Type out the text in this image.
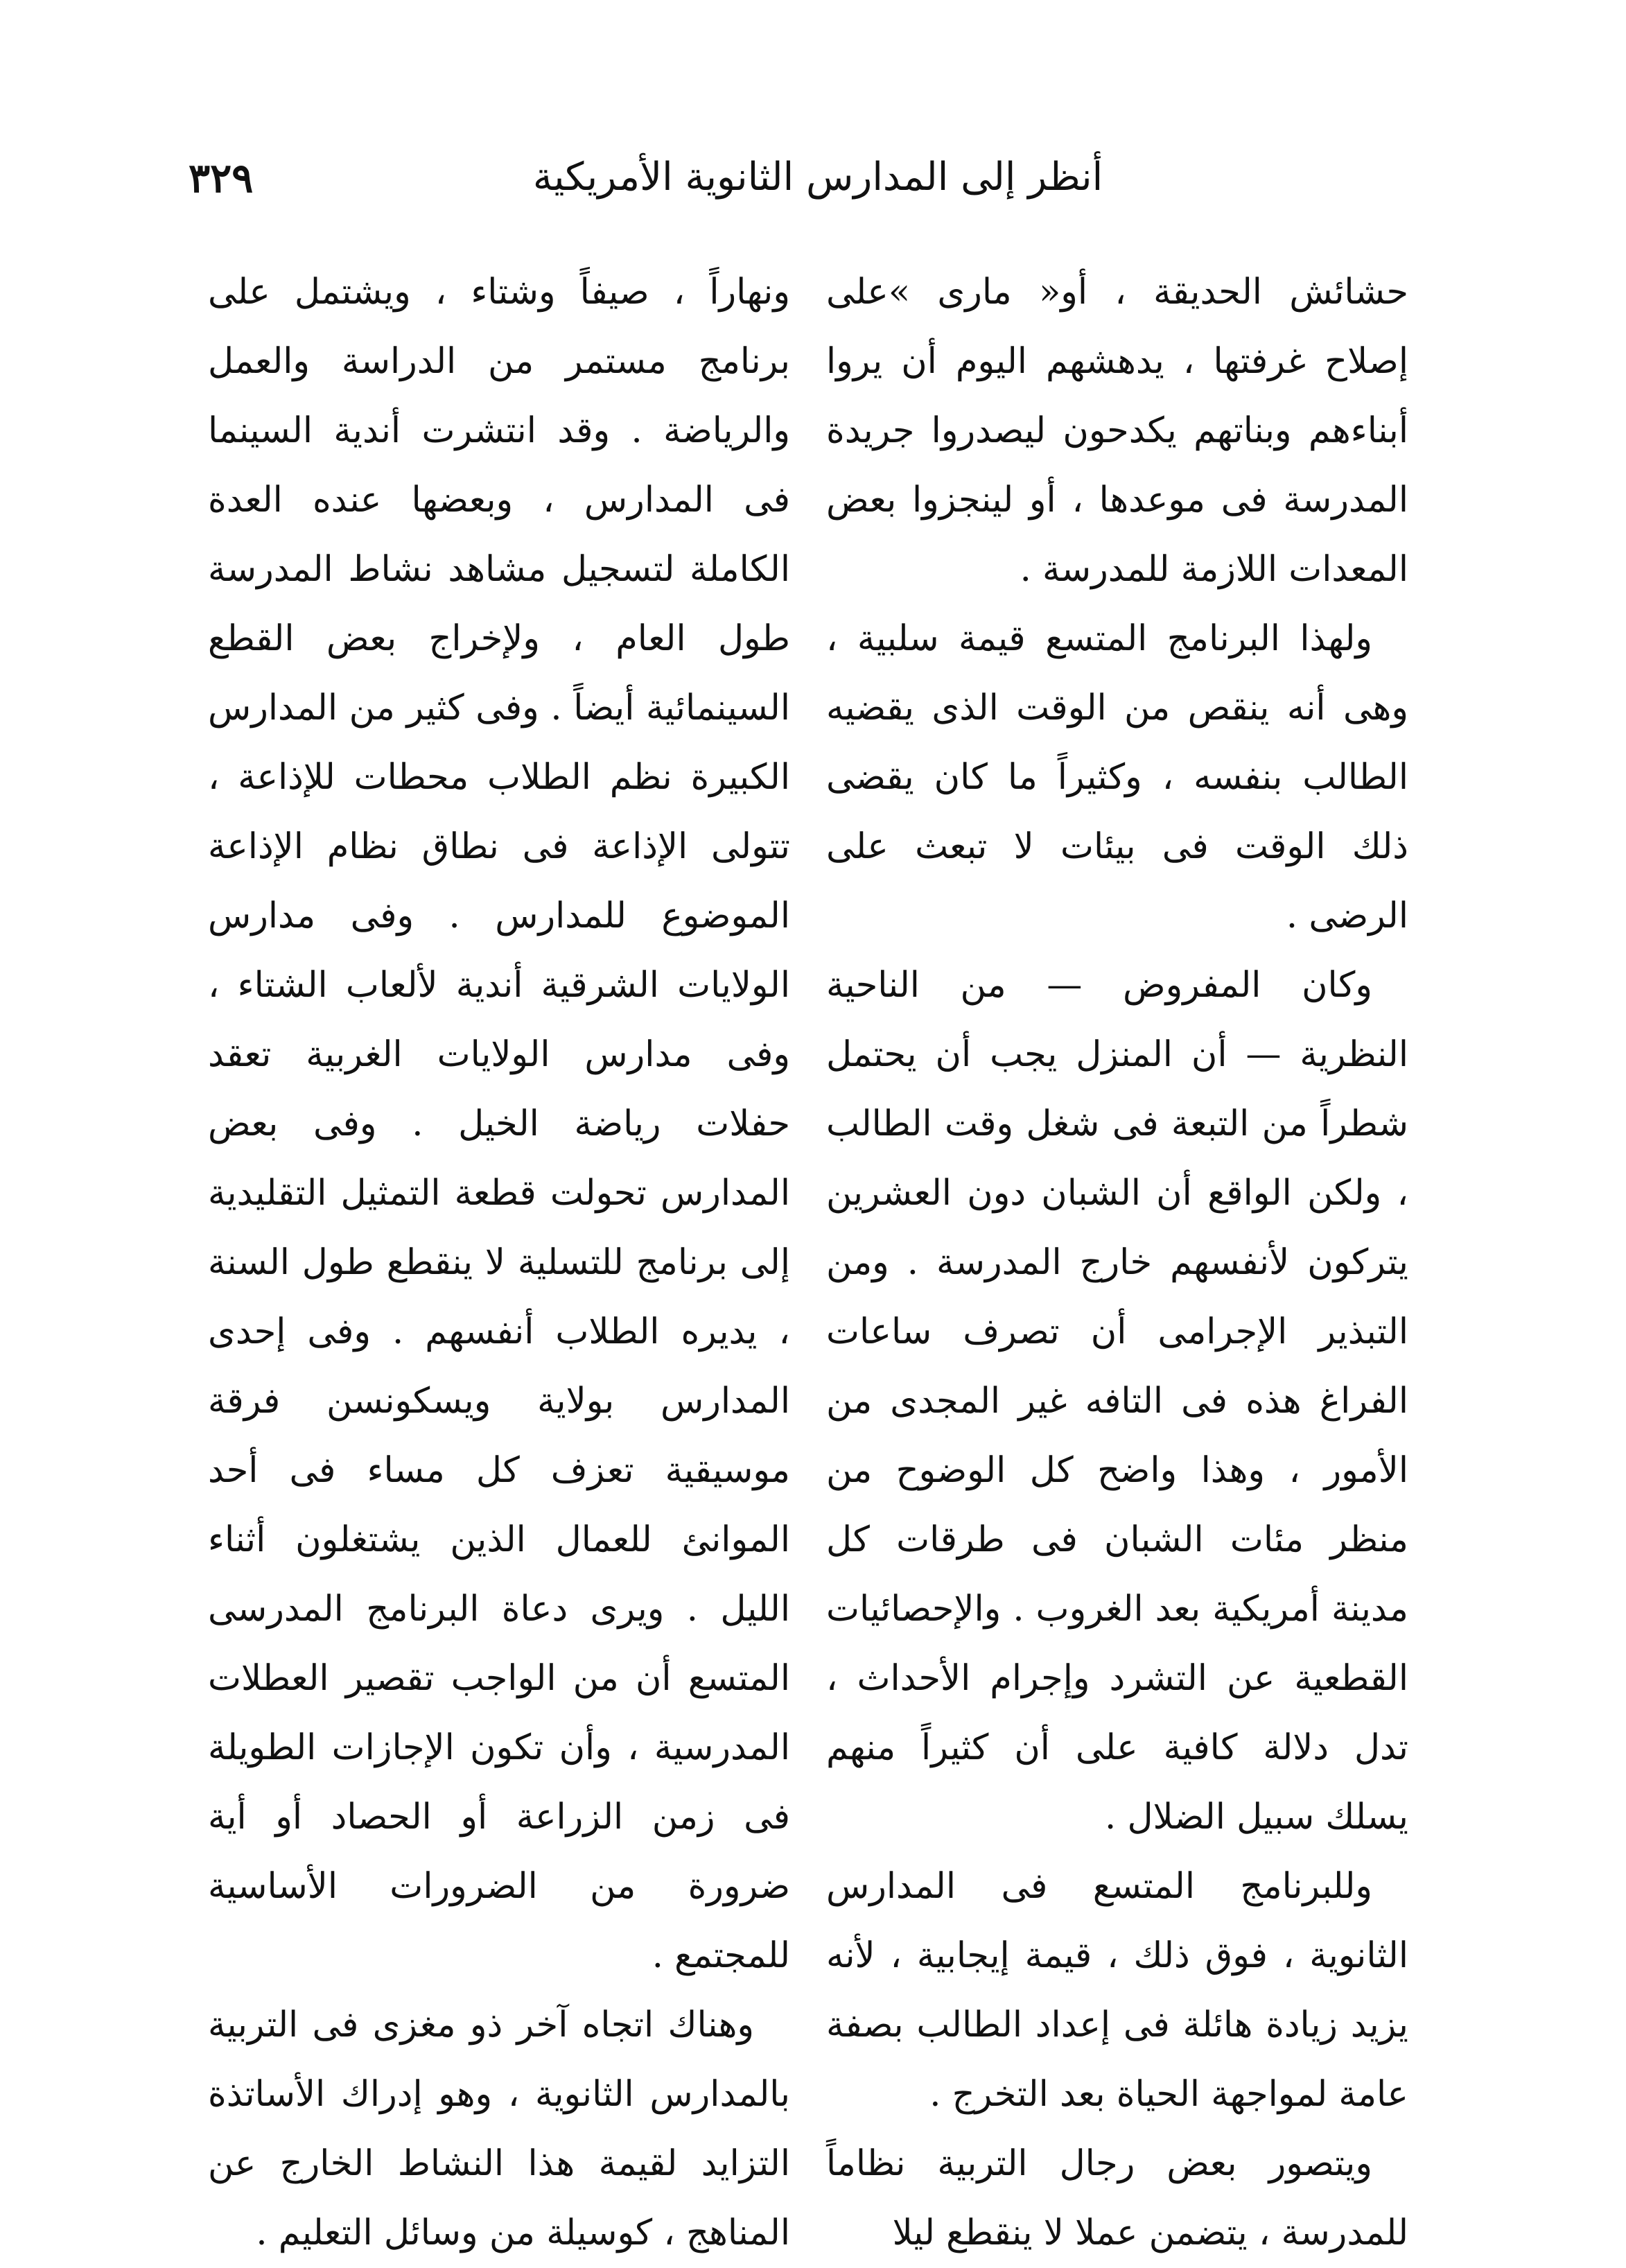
٣٢٩	أنظر إلى المدارس الثانوية الأمريكية

حشائش الحديقة ، أو« مارى »على إصلاح غرفتها ، يدهشهم اليوم أن يروا أبناءهم وبناتهم يكدحون ليصدروا جريدة المدرسة فى موعدها ، أو لينجزوا بعض المعدات اللازمة للمدرسة .

ولهذا البرنامج المتسع قيمة سلبية ، وهى أنه ينقص من الوقت الذى يقضيه الطالب بنفسه ، وكثيراً ما كان يقضى ذلك الوقت فى بيئات لا تبعث على الرضى .

وكان المفروض — من الناحية النظرية — أن المنزل يجب أن يحتمل شطراً من التبعة فى شغل وقت الطالب ، ولكن الواقع أن الشبان دون العشرين يتركون لأنفسهم خارج المدرسة . ومن التبذير الإجرامى أن تصرف ساعات الفراغ هذه فى التافه غير المجدى من الأمور ، وهذا واضح كل الوضوح من منظر مئات الشبان فى طرقات كل مدينة أمريكية بعد الغروب . والإحصائيات القطعية عن التشرد وإجرام الأحداث ، تدل دلالة كافية على أن كثيراً منهم يسلك سبيل الضلال .

وللبرنامج المتسع فى المدارس الثانوية ، فوق ذلك ، قيمة إيجابية ، لأنه يزيد زيادة هائلة فى إعداد الطالب بصفة عامة لمواجهة الحياة بعد التخرج .

ويتصور بعض رجال التربية نظاماً للمدرسة ، يتضمن عملا لا ينقطع ليلا

ونهاراً ، صيفاً وشتاء ، ويشتمل على برنامج مستمر من الدراسة والعمل والرياضة . وقد انتشرت أندية السينما فى المدارس ، وبعضها عنده العدة الكاملة لتسجيل مشاهد نشاط المدرسة طول العام ، ولإخراج بعض القطع السينمائية أيضاً . وفى كثير من المدارس الكبيرة نظم الطلاب محطات للإذاعة ، تتولى الإذاعة فى نطاق نظام الإذاعة الموضوع للمدارس . وفى مدارس الولايات الشرقية أندية لألعاب الشتاء ، وفى مدارس الولايات الغربية تعقد حفلات رياضة الخيل . وفى بعض المدارس تحولت قطعة التمثيل التقليدية إلى برنامج للتسلية لا ينقطع طول السنة ، يديره الطلاب أنفسهم . وفى إحدى المدارس بولاية ويسكونسن فرقة موسيقية تعزف كل مساء فى أحد الموانئ للعمال الذين يشتغلون أثناء الليل . ويرى دعاة البرنامج المدرسى المتسع أن من الواجب تقصير العطلات المدرسية ، وأن تكون الإجازات الطويلة فى زمن الزراعة أو الحصاد أو أية ضرورة من الضرورات الأساسية للمجتمع .

وهناك اتجاه آخر ذو مغزى فى التربية بالمدارس الثانوية ، وهو إدراك الأساتذة التزايد لقيمة هذا النشاط الخارج عن المناهج ، كوسيلة من وسائل التعليم .
